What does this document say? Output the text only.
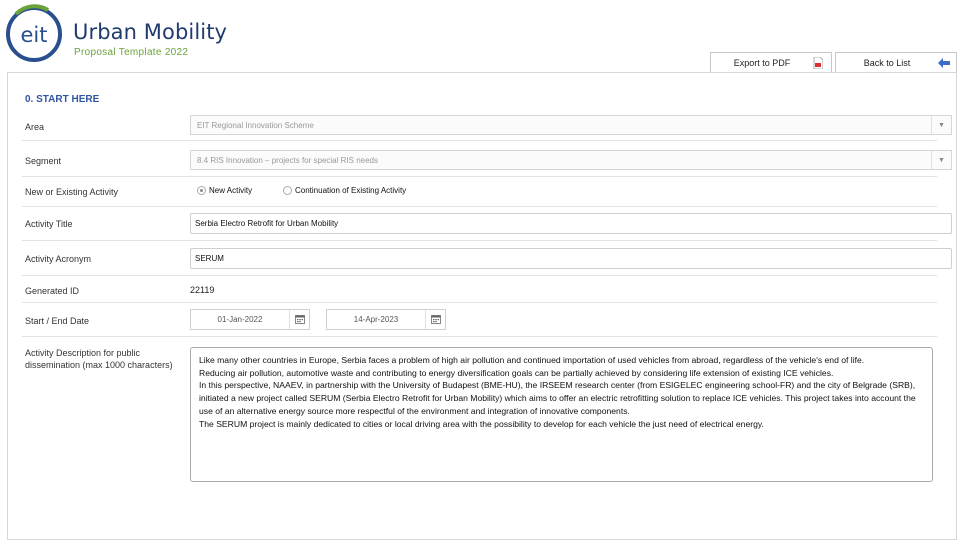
eit Urban Mobility
Proposal Template 2022
Export to PDF	Back to List
0. START HERE
Area	EIT Regional Innovation Scheme	▼
Segment	8.4 RIS Innovation – projects for special RIS needs	▼
New or Existing Activity	New Activity	Continuation of Existing Activity
Activity Title	Serbia Electro Retrofit for Urban Mobility
Activity Acronym	SERUM
Generated ID	22119
Start / End Date	01-Jan-2022	14-Apr-2023
Activity Description for public dissemination (max 1000 characters)	Like many other countries in Europe, Serbia faces a problem of high air pollution and continued importation of used vehicles from abroad, regardless of the vehicle's end of life.
Reducing air pollution, automotive waste and contributing to energy diversification goals can be partially achieved by considering life extension of existing ICE vehicles.
In this perspective, NAAEV, in partnership with the University of Budapest (BME-HU), the IRSEEM research center (from ESIGELEC engineering school-FR) and the city of Belgrade (SRB), initiated a new project called SERUM (Serbia Electro Retrofit for Urban Mobility) which aims to offer an electric retrofitting solution to replace ICE vehicles. This project takes into account the use of an alternative energy source more respectful of the environment and integration of innovative components.
The SERUM project is mainly dedicated to cities or local driving area with the possibility to develop for each vehicle the just need of electrical energy.
